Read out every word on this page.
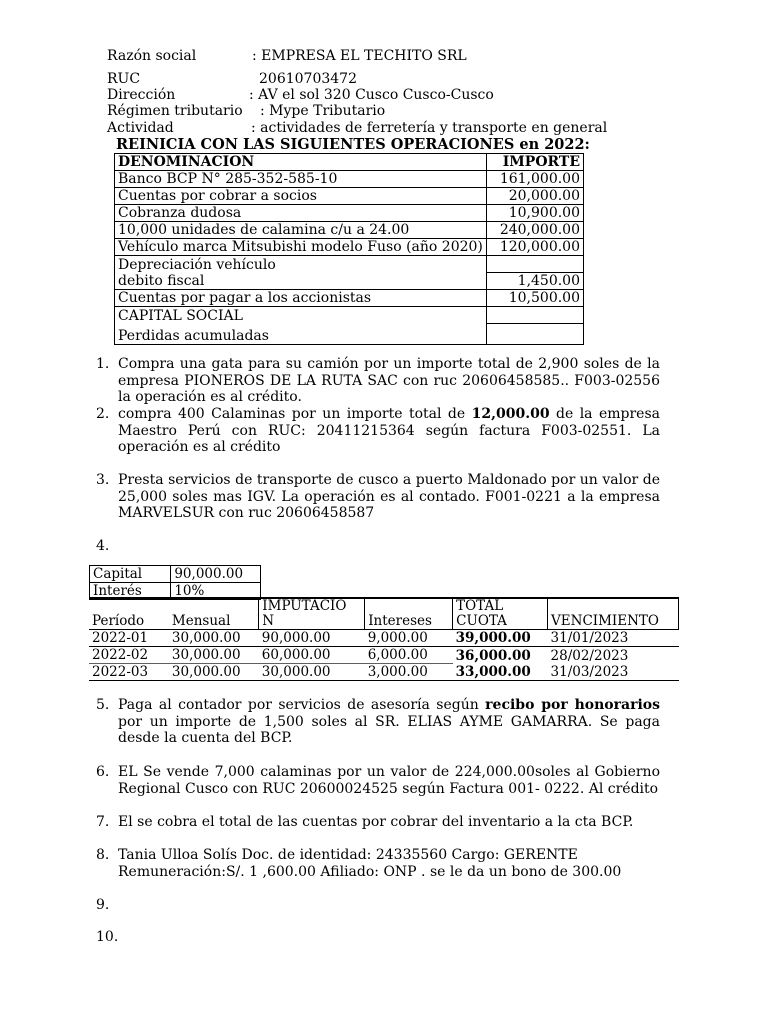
Razón social	: EMPRESA EL TECHITO SRL
RUC	20610703472
Dirección	: AV el sol 320 Cusco Cusco-Cusco
Régimen tributario : Mype Tributario
Actividad	: actividades de ferretería y transporte en general
REINICIA CON LAS SIGUIENTES OPERACIONES en 2022:
DENOMINACION	IMPORTE
Banco BCP N° 285-352-585-10	161,000.00
Cuentas por cobrar a socios	20,000.00
Cobranza dudosa	10,900.00
10,000 unidades de calamina c/u a 24.00	240,000.00
Vehículo marca Mitsubishi modelo Fuso (año 2020)	120,000.00
Depreciación vehículo	
debito fiscal	1,450.00
Cuentas por pagar a los accionistas	10,500.00
CAPITAL SOCIAL	
Perdidas acumuladas	
1. Compra una gata para su camión por un importe total de 2,900 soles de la empresa PIONEROS DE LA RUTA SAC con ruc 20606458585.. F003-02556 la operación es al crédito.
2. compra 400 Calaminas por un importe total de 12,000.00 de la empresa Maestro Perú con RUC: 20411215364 según factura F003-02551. La operación es al crédito
3. Presta servicios de transporte de cusco a puerto Maldonado por un valor de 25,000 soles mas IGV. La operación es al contado. F001-0221 a la empresa MARVELSUR con ruc 20606458587
4.
5. Paga al contador por servicios de asesoría según recibo por honorarios por un importe de 1,500 soles al SR. ELIAS AYME GAMARRA. Se paga desde la cuenta del BCP.
6. EL Se vende 7,000 calaminas por un valor de 224,000.00soles al Gobierno Regional Cusco con RUC 20600024525 según Factura 001- 0222. Al crédito
7. El se cobra el total de las cuentas por cobrar del inventario a la cta BCP.
8. Tania Ulloa Solís Doc. de identidad: 24335560 Cargo: GERENTE
Remuneración:S/. 1 ,600.00 Afiliado: ONP . se le da un bono de 300.00
9.
10.
Capital	90,000.00
Interés	10%
Período	Mensual	IMPUTACIO N	Intereses	TOTAL CUOTA	VENCIMIENTO
2022-01	30,000.00	90,000.00	9,000.00	39,000.00	31/01/2023
2022-02	30,000.00	60,000.00	6,000.00	36,000.00	28/02/2023
2022-03	30,000.00	30,000.00	3,000.00	33,000.00	31/03/2023
